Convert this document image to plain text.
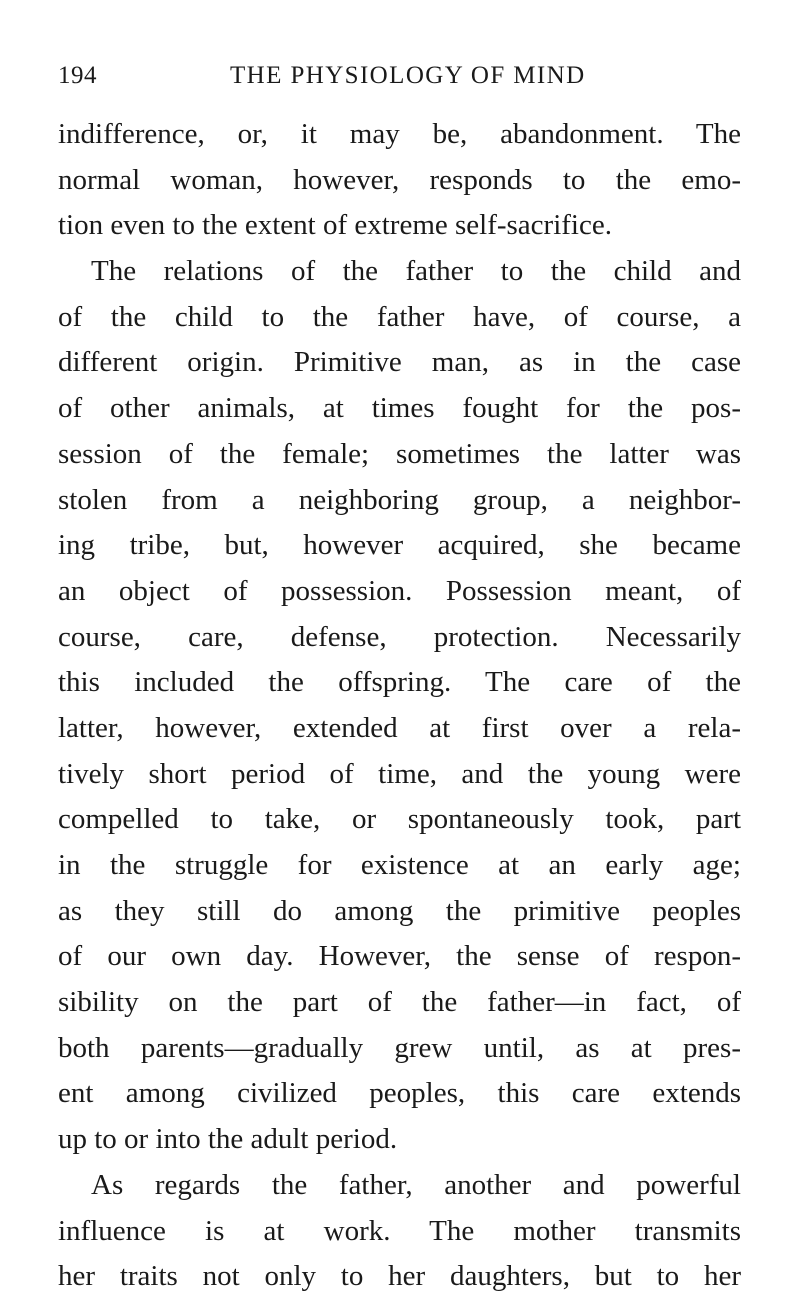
194	THE PHYSIOLOGY OF MIND
indifference, or, it may be, abandonment. The
normal woman, however, responds to the emo-
tion even to the extent of extreme self-sacrifice.
The relations of the father to the child and
of the child to the father have, of course, a
different origin. Primitive man, as in the case
of other animals, at times fought for the pos-
session of the female; sometimes the latter was
stolen from a neighboring group, a neighbor-
ing tribe, but, however acquired, she became
an object of possession. Possession meant, of
course, care, defense, protection. Necessarily
this included the offspring. The care of the
latter, however, extended at first over a rela-
tively short period of time, and the young were
compelled to take, or spontaneously took, part
in the struggle for existence at an early age;
as they still do among the primitive peoples
of our own day. However, the sense of respon-
sibility on the part of the father—in fact, of
both parents—gradually grew until, as at pres-
ent among civilized peoples, this care extends
up to or into the adult period.
As regards the father, another and powerful
influence is at work. The mother transmits
her traits not only to her daughters, but to her
